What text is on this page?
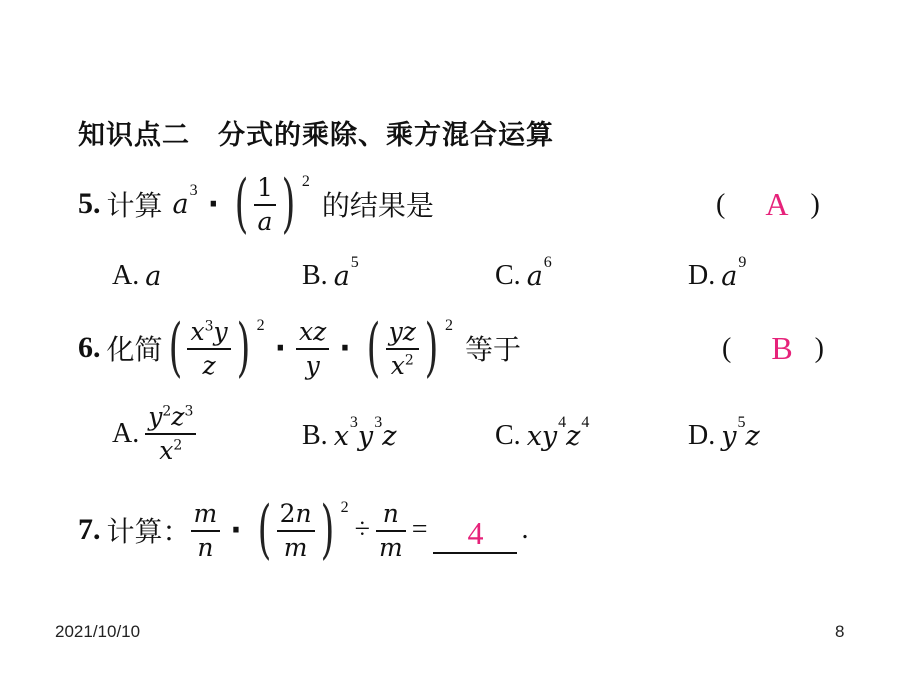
知识点二　分式的乘除、乘方混合运算
5. 计算 a 3 · ( $\frac{1}{a}$ ) 2
的结果是	( A )
A. a	B. a 5	C. a 6	D. a 9
6. 化简 ( $\frac{x^3y}{z}$ ) 2
· $\frac{xz}{y}$ · ( $\frac{yz}{x^2}$ ) 2
等于	( B )
A. $\frac{y^2z^3}{x^2}$	B. x 3 y 3 z	C. xy 4 z 4	D. y 5 z
7. 计算： $\frac{m}{n}$ · ( $\frac{2n}{m}$ ) 2
÷ $\frac{n}{m}$ =	4	.
2021/10/10	8
